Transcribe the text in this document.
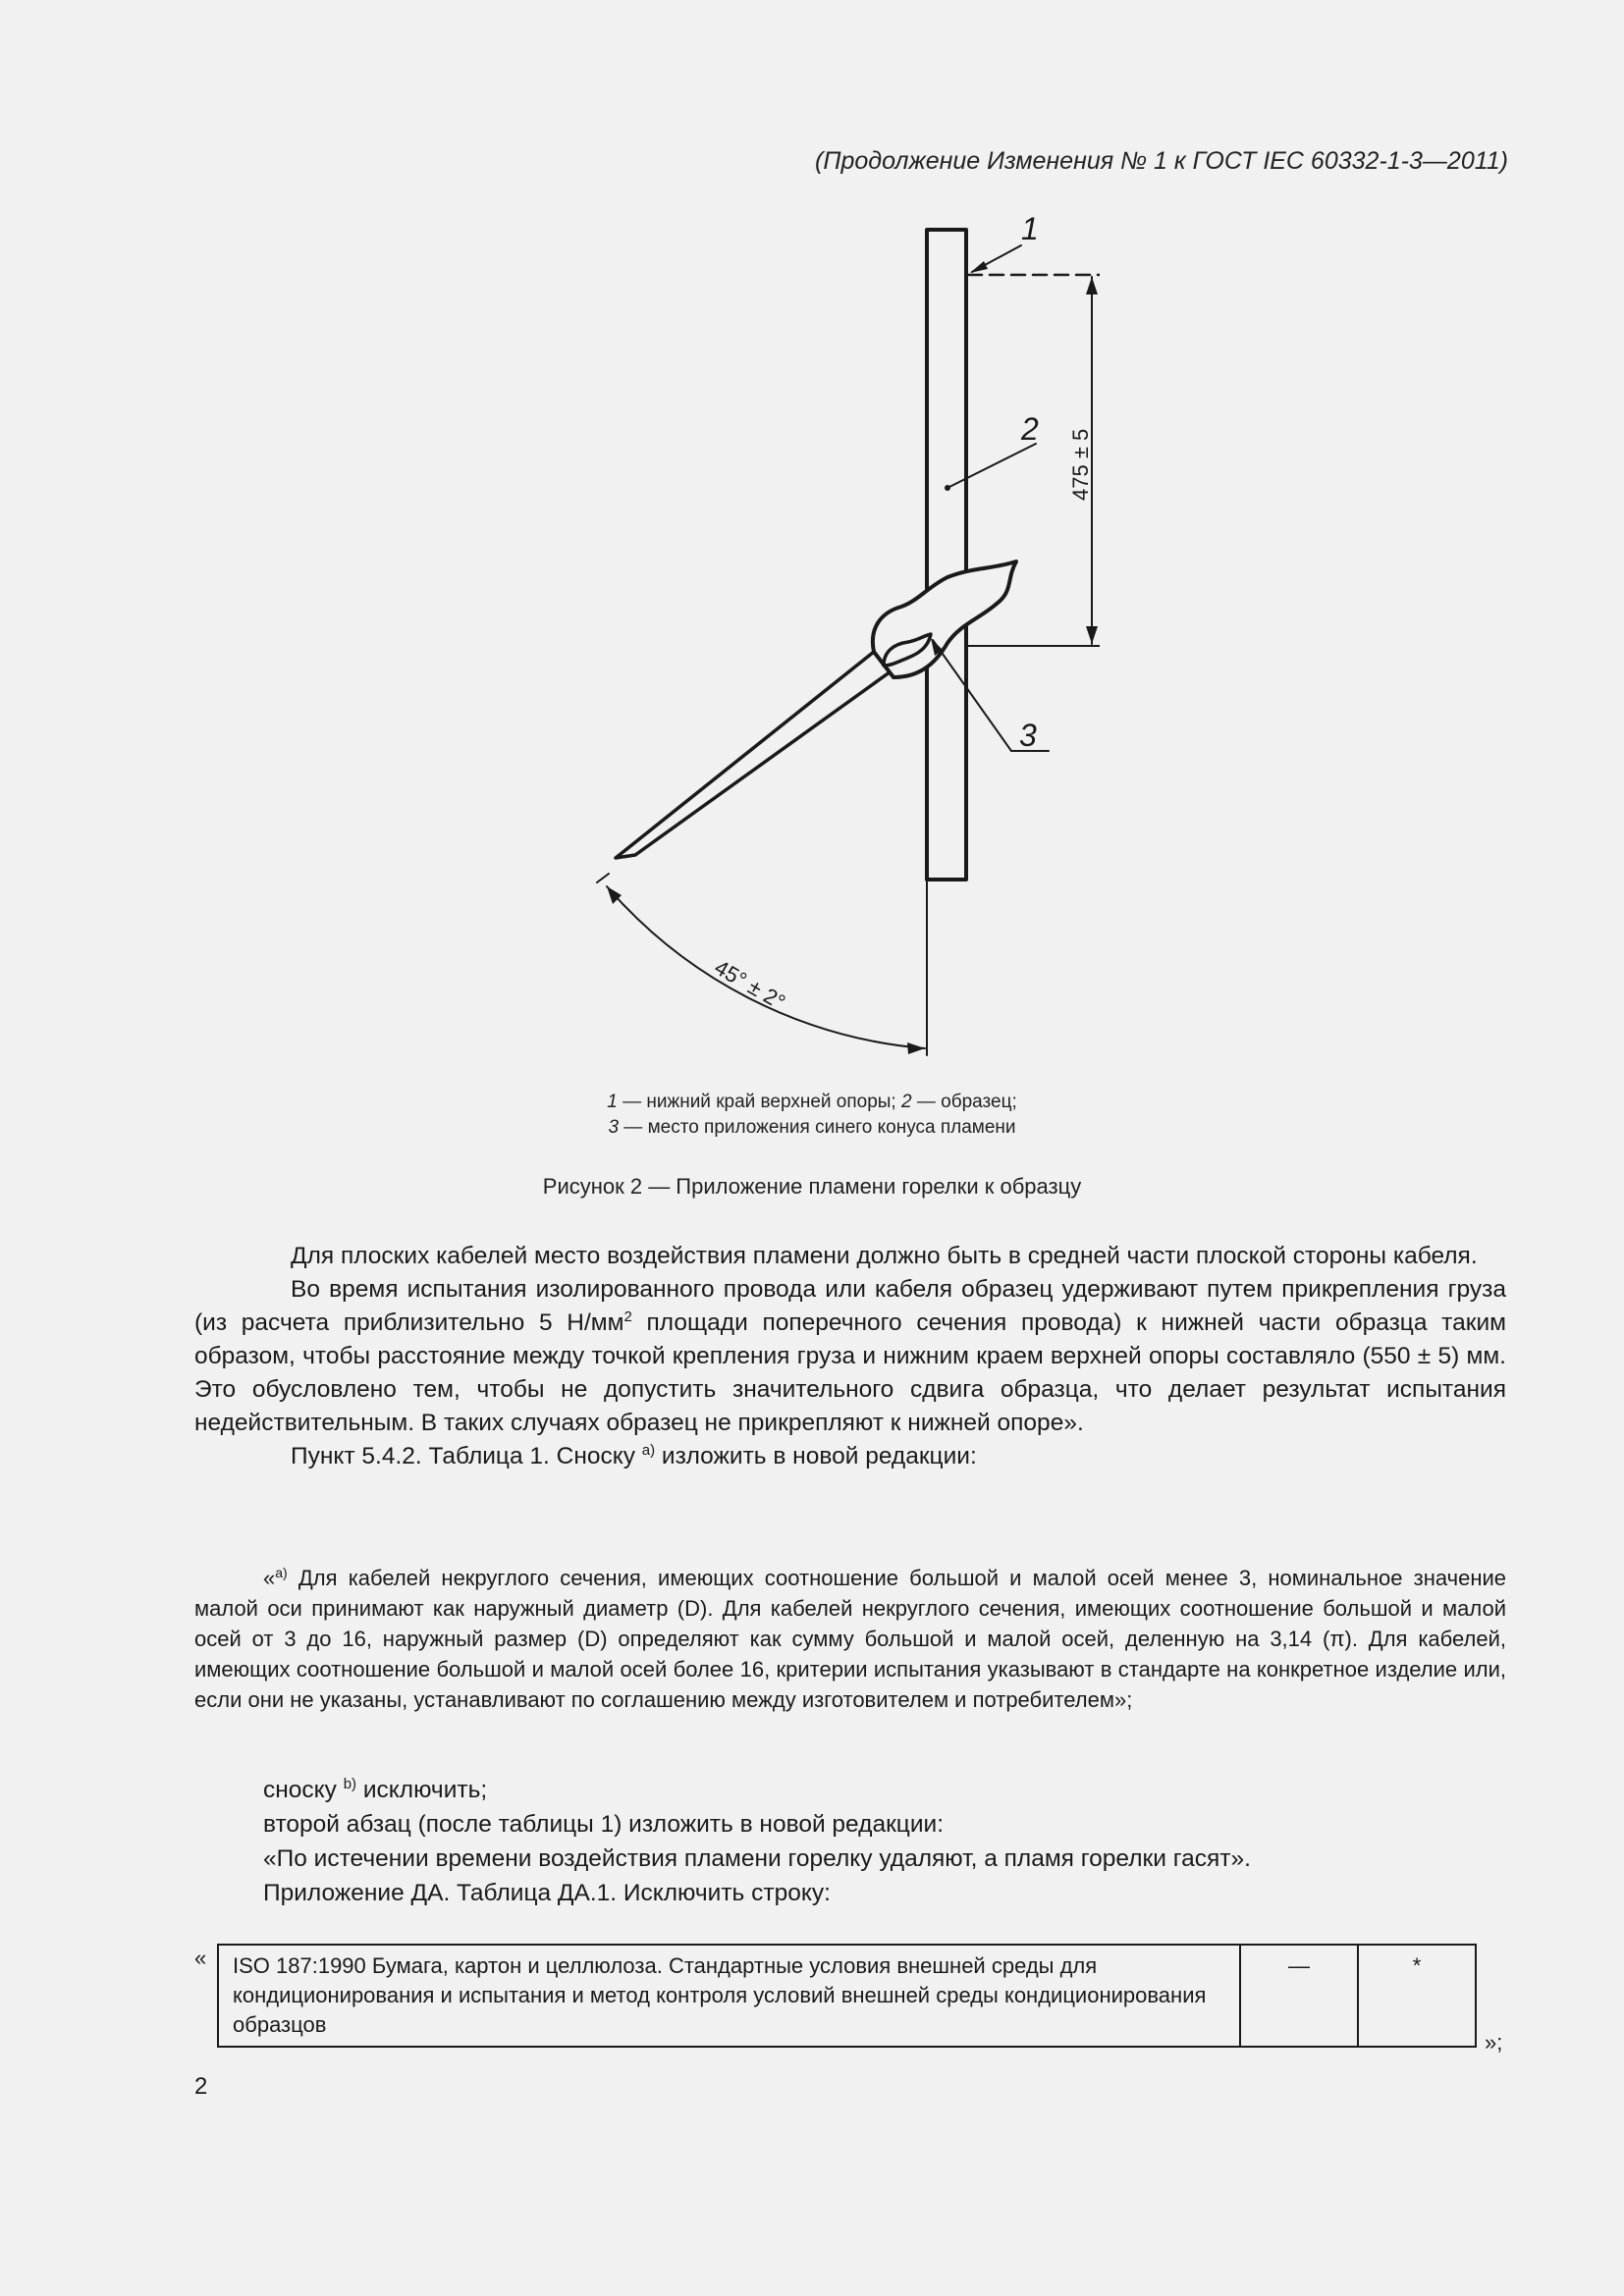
(Продолжение Изменения № 1 к ГОСТ IEC 60332-1-3—2011)
1
2
3
475 ± 5
45° ± 2°
1 — нижний край верхней опоры; 2 — образец;
3 — место приложения синего конуса пламени
Рисунок 2 — Приложение пламени горелки к образцу

Для плоских кабелей место воздействия пламени должно быть в средней части плоской стороны кабеля.

Во время испытания изолированного провода или кабеля образец удерживают путем прикрепления груза (из расчета приблизительно 5 $Н/мм^2$ площади поперечного сечения провода) к нижней части образца таким образом, чтобы расстояние между точкой крепления груза и нижним краем верхней опоры составляло (550 ± 5) мм. Это обусловлено тем, чтобы не допустить значительного сдвига образца, что делает результат испытания недействительным. В таких случаях образец не прикрепляют к нижней опоре».

Пункт 5.4.2. Таблица 1. Сноску $^{a)}$ изложить в новой редакции:

«$^{a)}$ Для кабелей некруглого сечения, имеющих соотношение большой и малой осей менее 3, номинальное значение малой оси принимают как наружный диаметр (D). Для кабелей некруглого сечения, имеющих соотношение большой и малой осей от 3 до 16, наружный размер (D) определяют как сумму большой и малой осей, деленную на 3,14 (π). Для кабелей, имеющих соотношение большой и малой осей более 16, критерии испытания указывают в стандарте на конкретное изделие или, если они не указаны, устанавливают по соглашению между изготовителем и потребителем»;

сноску $^{b)}$ исключить;
второй абзац (после таблицы 1) изложить в новой редакции:
«По истечении времени воздействия пламени горелку удаляют, а пламя горелки гасят».
Приложение ДА. Таблица ДА.1. Исключить строку:
« ISO 187:1990 Бумага, картон и целлюлоза. Стандартные условия внешней среды для кондиционирования и испытания и метод контроля условий внешней среды кондиционирования образцов	—	*
»;
2
